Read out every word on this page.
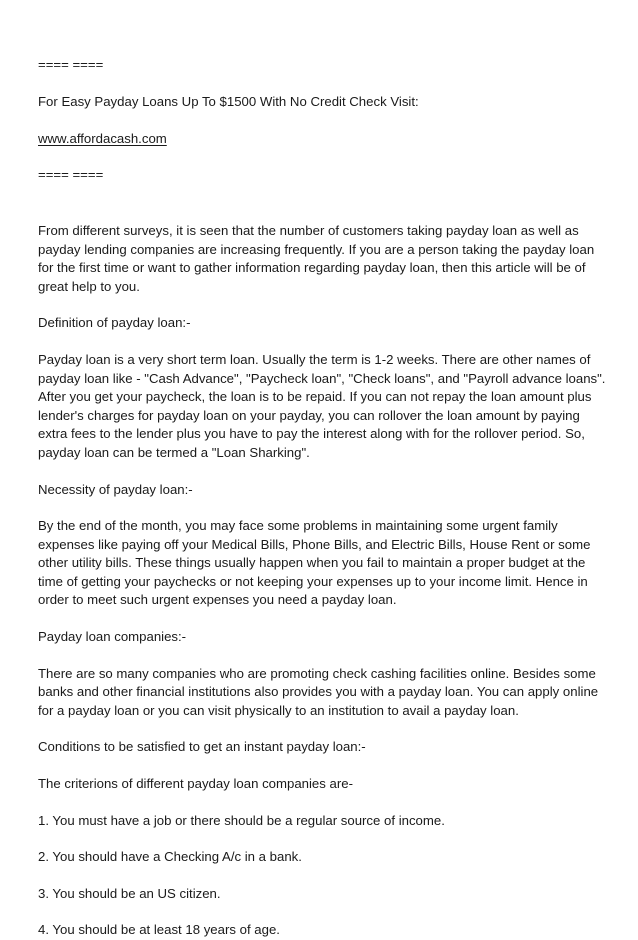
==== ====

For Easy Payday Loans Up To $1500 With No Credit Check Visit:

www.affordacash.com

==== ====

From different surveys, it is seen that the number of customers taking payday loan as well as
payday lending companies are increasing frequently. If you are a person taking the payday loan
for the first time or want to gather information regarding payday loan, then this article will be of
great help to you.

Definition of payday loan:-

Payday loan is a very short term loan. Usually the term is 1-2 weeks. There are other names of
payday loan like - "Cash Advance", "Paycheck loan", "Check loans", and "Payroll advance loans".
After you get your paycheck, the loan is to be repaid. If you can not repay the loan amount plus
lender's charges for payday loan on your payday, you can rollover the loan amount by paying
extra fees to the lender plus you have to pay the interest along with for the rollover period. So,
payday loan can be termed a "Loan Sharking".

Necessity of payday loan:-

By the end of the month, you may face some problems in maintaining some urgent family
expenses like paying off your Medical Bills, Phone Bills, and Electric Bills, House Rent or some
other utility bills. These things usually happen when you fail to maintain a proper budget at the
time of getting your paychecks or not keeping your expenses up to your income limit. Hence in
order to meet such urgent expenses you need a payday loan.

Payday loan companies:-

There are so many companies who are promoting check cashing facilities online. Besides some
banks and other financial institutions also provides you with a payday loan. You can apply online
for a payday loan or you can visit physically to an institution to avail a payday loan.

Conditions to be satisfied to get an instant payday loan:-

The criterions of different payday loan companies are-

1. You must have a job or there should be a regular source of income.

2. You should have a Checking A/c in a bank.

3. You should be an US citizen.

4. You should be at least 18 years of age.
